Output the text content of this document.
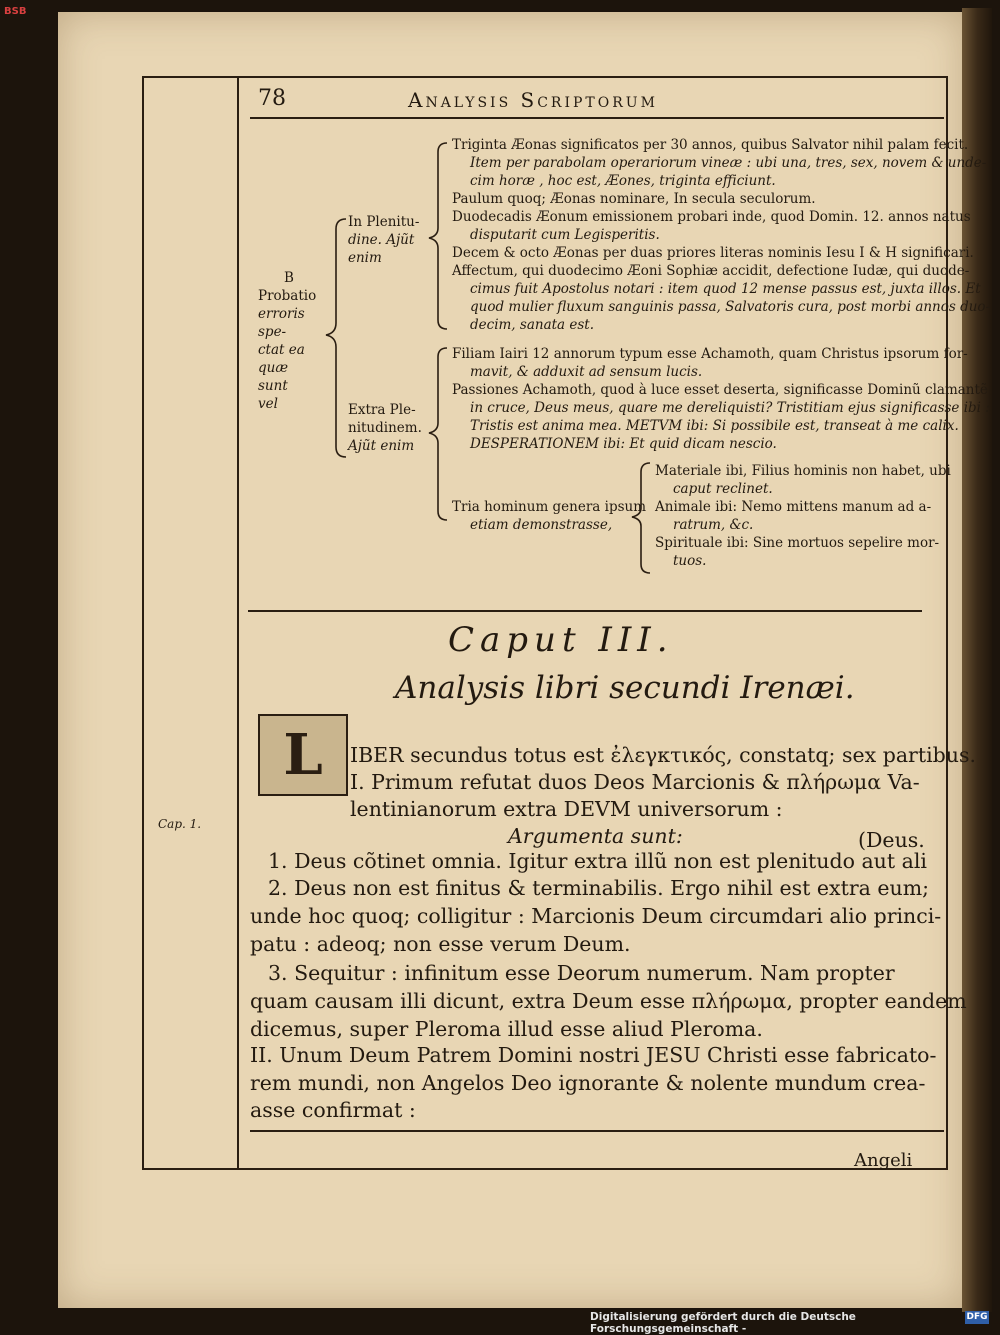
BSB
78	Analysis Scriptorum
B
Probatio
erroris spe-
ctat ea
quæ sunt
vel
In Plenitu-
dine. Ajũt
enim
Extra Ple-
nitudinem.
Ajũt enim
Triginta Æonas significatos per 30 annos, quibus Salvator nihil palam fecit.
Item per parabolam operariorum vineæ : ubi una, tres, sex, novem & unde-
cim horæ , hoc est, Æones, triginta efficiunt.
Paulum quoq; Æonas nominare, In secula seculorum.
Duodecadis Æonum emissionem probari inde, quod Domin. 12. annos natus
disputarit cum Legisperitis.
Decem & octo Æonas per duas priores literas nominis Iesu I & H significari.
Affectum, qui duodecimo Æoni Sophiæ accidit, defectione Iudæ, qui duode-
cimus fuit Apostolus notari : item quod 12 mense passus est, juxta illos. Et
quod mulier fluxum sanguinis passa, Salvatoris cura, post morbi annos duo-
decim, sanata est.
Filiam Iairi 12 annorum typum esse Achamoth, quam Christus ipsorum for-
mavit, & adduxit ad sensum lucis.
Passiones Achamoth, quod à luce esset deserta, significasse Dominũ clamantẽ
in cruce, Deus meus, quare me dereliquisti? Tristitiam ejus significasse ibi :
Tristis est anima mea. METVM ibi: Si possibile est, transeat à me calix.
DESPERATIONEM ibi: Et quid dicam nescio.
Tria hominum genera ipsum
etiam demonstrasse,
Materiale ibi, Filius hominis non habet, ubi
caput reclinet.
Animale ibi: Nemo mittens manum ad a-
ratrum, &c.
Spirituale ibi: Sine mortuos sepelire mor-
tuos.
Caput III.
Analysis libri secundi Irenæi.
L
Cap. 1.
IBER secundus totus est ἐλεγκτικός, constatq; sex partibus.
I. Primum refutat duos Deos Marcionis & πλήρωμα Va-
lentinianorum extra DEVM universorum :
Argumenta sunt:	(Deus.
1. Deus cõtinet omnia. Igitur extra illũ non est plenitudo aut ali
2. Deus non est finitus & terminabilis. Ergo nihil est extra eum;
unde hoc quoq; colligitur : Marcionis Deum circumdari alio princi-
patu : adeoq; non esse verum Deum.
3. Sequitur : infinitum esse Deorum numerum. Nam propter
quam causam illi dicunt, extra Deum esse πλήρωμα, propter eandem
dicemus, super Pleroma illud esse aliud Pleroma.
II. Unum Deum Patrem Domini nostri JESU Christi esse fabricato-
rem mundi, non Angelos Deo ignorante & nolente mundum crea-
asse confirmat :
Angeli
Digitalisierung gefördert durch die Deutsche Forschungsgemeinschaft -
DFG
